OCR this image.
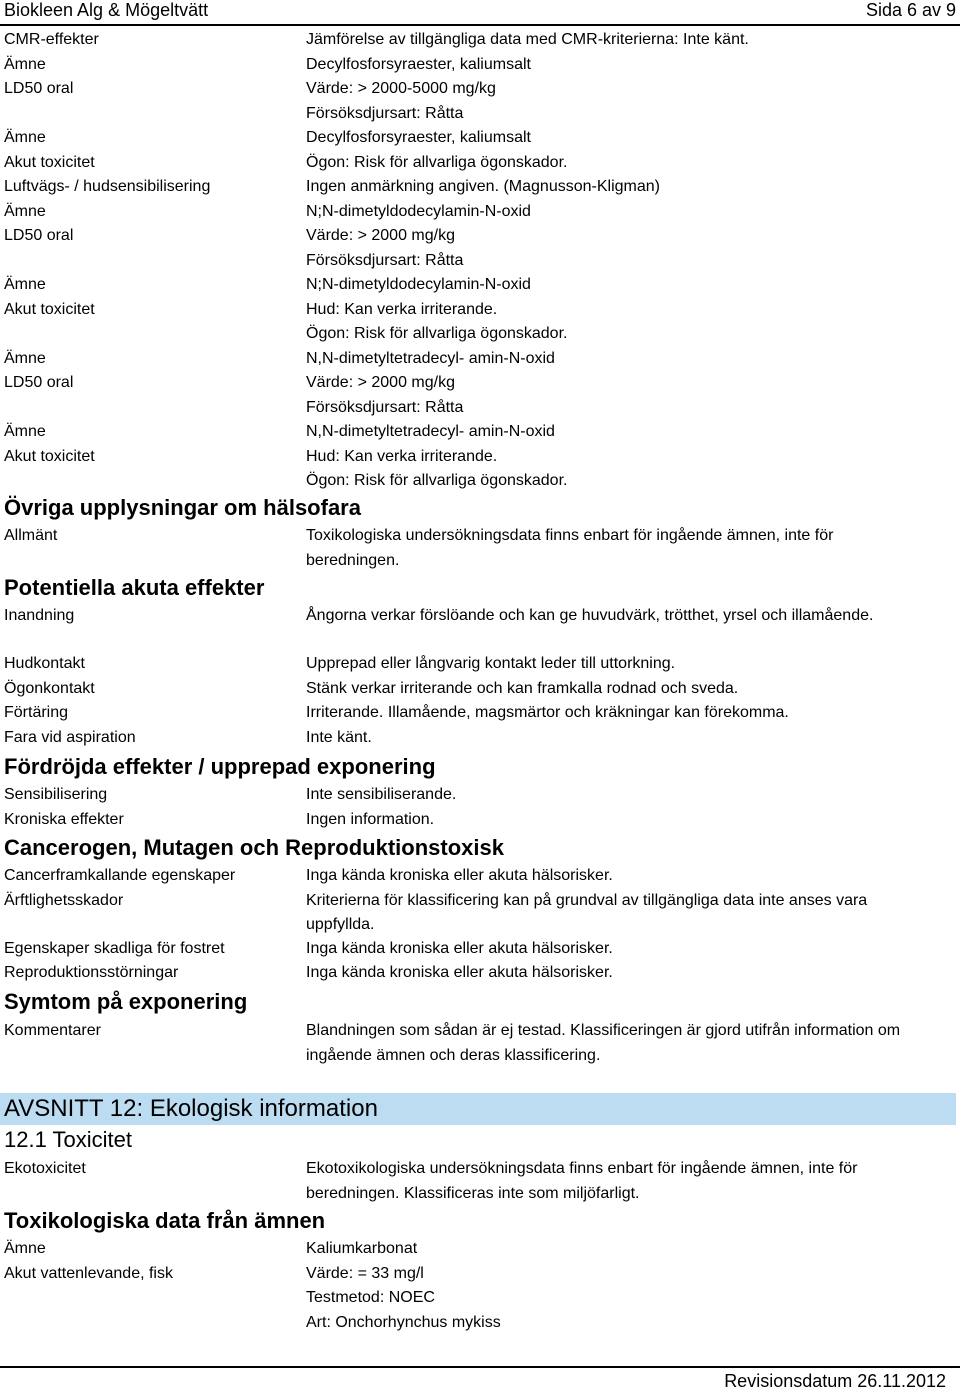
Biokleen Alg & Mögeltvätt	Sida 6 av 9
CMR-effekter	Jämförelse av tillgängliga data med CMR-kriterierna: Inte känt.
Ämne	Decylfosforsyraester, kaliumsalt
LD50 oral	Värde: > 2000-5000 mg/kg
Försöksdjursart: Råtta
Ämne	Decylfosforsyraester, kaliumsalt
Akut toxicitet	Ögon: Risk för allvarliga ögonskador.
Luftvägs- / hudsensibilisering	Ingen anmärkning angiven. (Magnusson-Kligman)
Ämne	N;N-dimetyldodecylamin-N-oxid
LD50 oral	Värde: > 2000 mg/kg
Försöksdjursart: Råtta
Ämne	N;N-dimetyldodecylamin-N-oxid
Akut toxicitet	Hud: Kan verka irriterande.
Ögon: Risk för allvarliga ögonskador.
Ämne	N,N-dimetyltetradecyl- amin-N-oxid
LD50 oral	Värde: > 2000 mg/kg
Försöksdjursart: Råtta
Ämne	N,N-dimetyltetradecyl- amin-N-oxid
Akut toxicitet	Hud: Kan verka irriterande.
Ögon: Risk för allvarliga ögonskador.
Övriga upplysningar om hälsofara
Allmänt	Toxikologiska undersökningsdata finns enbart för ingående ämnen, inte för beredningen.
Potentiella akuta effekter
Inandning	Ångorna verkar förslöande och kan ge huvudvärk, trötthet, yrsel och illamående.
Hudkontakt	Upprepad eller långvarig kontakt leder till uttorkning.
Ögonkontakt	Stänk verkar irriterande och kan framkalla rodnad och sveda.
Förtäring	Irriterande. Illamående, magsmärtor och kräkningar kan förekomma.
Fara vid aspiration	Inte känt.
Fördröjda effekter / upprepad exponering
Sensibilisering	Inte sensibiliserande.
Kroniska effekter	Ingen information.
Cancerogen, Mutagen och Reproduktionstoxisk
Cancerframkallande egenskaper	Inga kända kroniska eller akuta hälsorisker.
Ärftlighetsskador	Kriterierna för klassificering kan på grundval av tillgängliga data inte anses vara uppfyllda.
Egenskaper skadliga för fostret	Inga kända kroniska eller akuta hälsorisker.
Reproduktionsstörningar	Inga kända kroniska eller akuta hälsorisker.
Symtom på exponering
Kommentarer	Blandningen som sådan är ej testad. Klassificeringen är gjord utifrån information om ingående ämnen och deras klassificering.
AVSNITT 12: Ekologisk information
12.1 Toxicitet
Ekotoxicitet	Ekotoxikologiska undersökningsdata finns enbart för ingående ämnen, inte för beredningen. Klassificeras inte som miljöfarligt.
Toxikologiska data från ämnen
Ämne	Kaliumkarbonat
Akut vattenlevande, fisk	Värde: = 33 mg/l
Testmetod: NOEC
Art: Onchorhynchus mykiss
Revisionsdatum 26.11.2012
